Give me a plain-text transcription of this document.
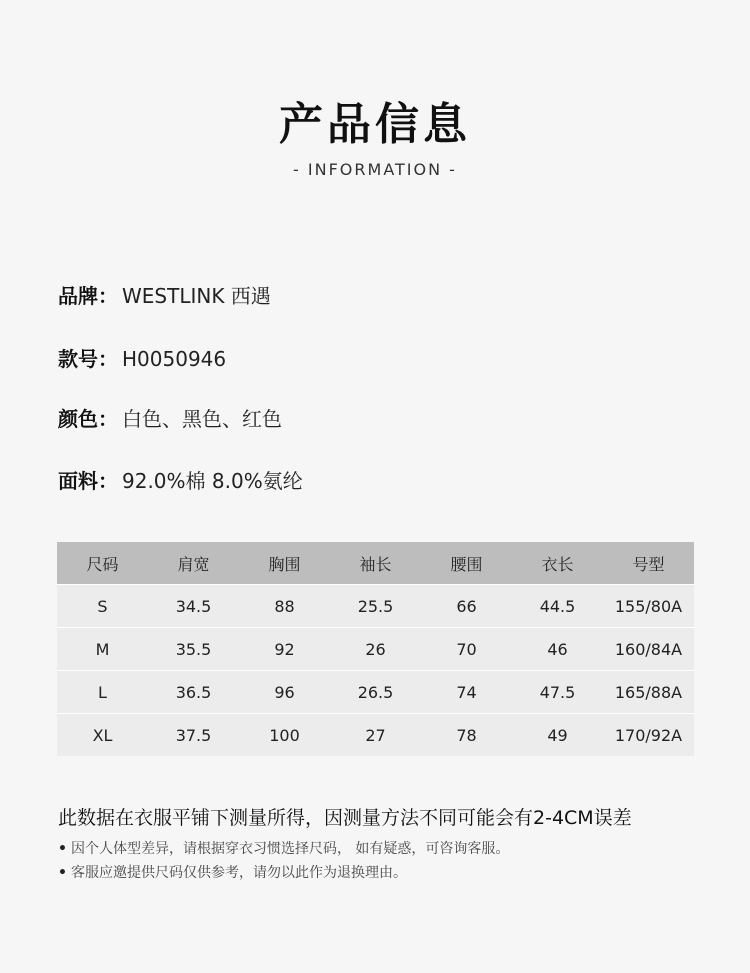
产品信息
- INFORMATION -
品牌： WESTLINK 西遇
款号： H0050946
颜色： 白色、黑色、红色
面料： 92.0%棉 8.0%氨纶
尺码	肩宽	胸围	袖长	腰围	衣长	号型
S	34.5	88	25.5	66	44.5	155/80A
M	35.5	92	26	70	46	160/84A
L	36.5	96	26.5	74	47.5	165/88A
XL	37.5	100	27	78	49	170/92A
此数据在衣服平铺下测量所得，因测量方法不同可能会有2-4CM误差
• 因个人体型差异，请根据穿衣习惯选择尺码， 如有疑惑，可咨询客服。
• 客服应邀提供尺码仅供参考，请勿以此作为退换理由。
